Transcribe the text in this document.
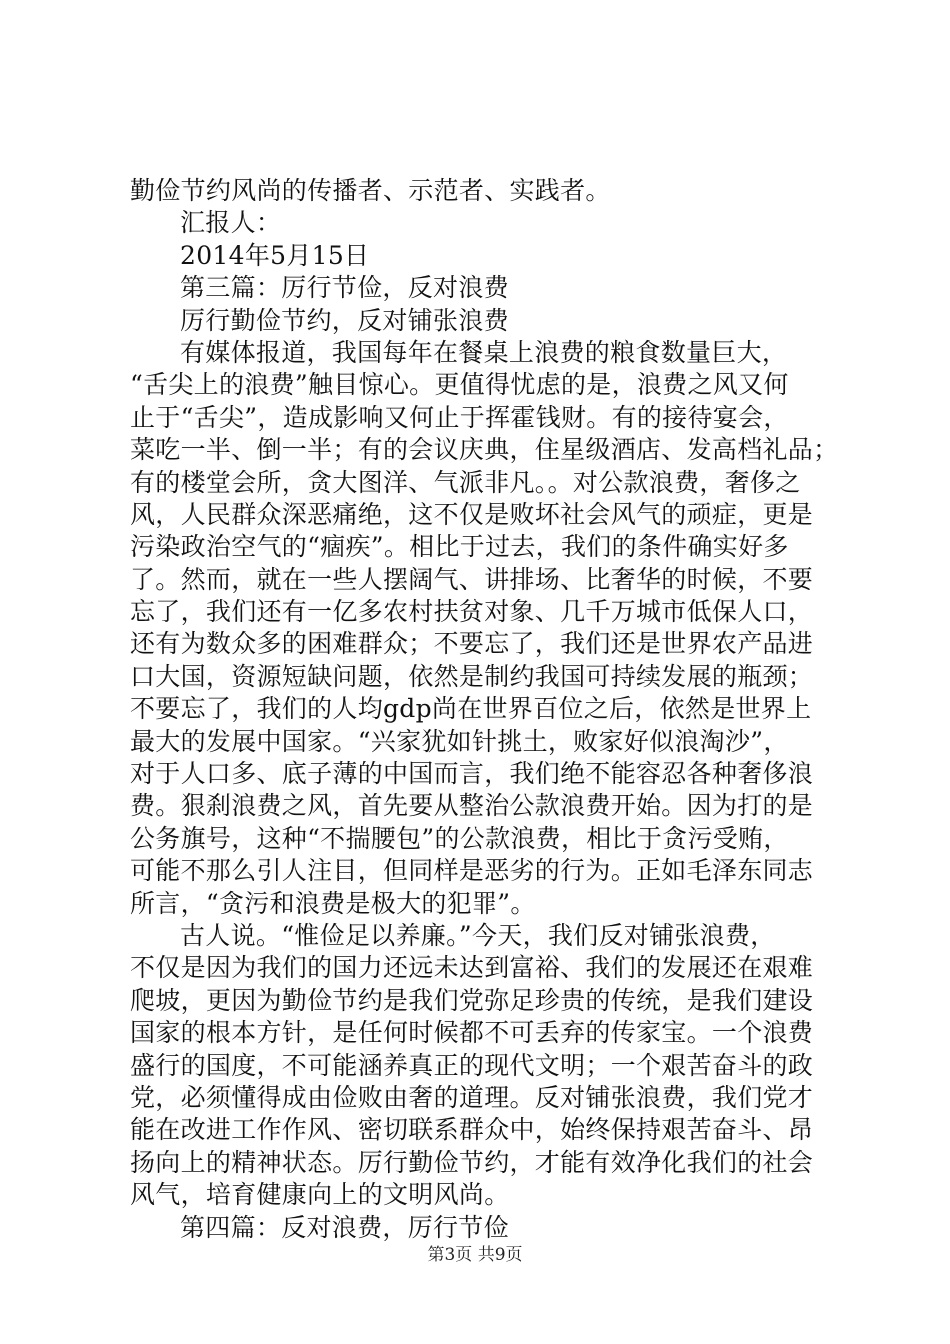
勤俭节约风尚的传播者、示范者、实践者。
汇报人：
2014年5月15日
第三篇：厉行节俭，反对浪费
厉行勤俭节约，反对铺张浪费
有媒体报道，我国每年在餐桌上浪费的粮食数量巨大，
“舌尖上的浪费”触目惊心。更值得忧虑的是，浪费之风又何
止于“舌尖”，造成影响又何止于挥霍钱财。有的接待宴会，
菜吃一半、倒一半；有的会议庆典，住星级酒店、发高档礼品；
有的楼堂会所，贪大图洋、气派非凡。。对公款浪费，奢侈之
风，人民群众深恶痛绝，这不仅是败坏社会风气的顽症，更是
污染政治空气的“痼疾”。相比于过去，我们的条件确实好多
了。然而，就在一些人摆阔气、讲排场、比奢华的时候，不要
忘了，我们还有一亿多农村扶贫对象、几千万城市低保人口，
还有为数众多的困难群众；不要忘了，我们还是世界农产品进
口大国，资源短缺问题，依然是制约我国可持续发展的瓶颈；
不要忘了，我们的人均gdp尚在世界百位之后，依然是世界上
最大的发展中国家。“兴家犹如针挑土，败家好似浪淘沙”，
对于人口多、底子薄的中国而言，我们绝不能容忍各种奢侈浪
费。狠刹浪费之风，首先要从整治公款浪费开始。因为打的是
公务旗号，这种“不揣腰包”的公款浪费，相比于贪污受贿，
可能不那么引人注目，但同样是恶劣的行为。正如毛泽东同志
所言，“贪污和浪费是极大的犯罪”。
古人说。“惟俭足以养廉。”今天，我们反对铺张浪费，
不仅是因为我们的国力还远未达到富裕、我们的发展还在艰难
爬坡，更因为勤俭节约是我们党弥足珍贵的传统，是我们建设
国家的根本方针，是任何时候都不可丢弃的传家宝。一个浪费
盛行的国度，不可能涵养真正的现代文明；一个艰苦奋斗的政
党，必须懂得成由俭败由奢的道理。反对铺张浪费，我们党才
能在改进工作作风、密切联系群众中，始终保持艰苦奋斗、昂
扬向上的精神状态。厉行勤俭节约，才能有效净化我们的社会
风气，培育健康向上的文明风尚。
第四篇：反对浪费，厉行节俭
第3页 共9页
